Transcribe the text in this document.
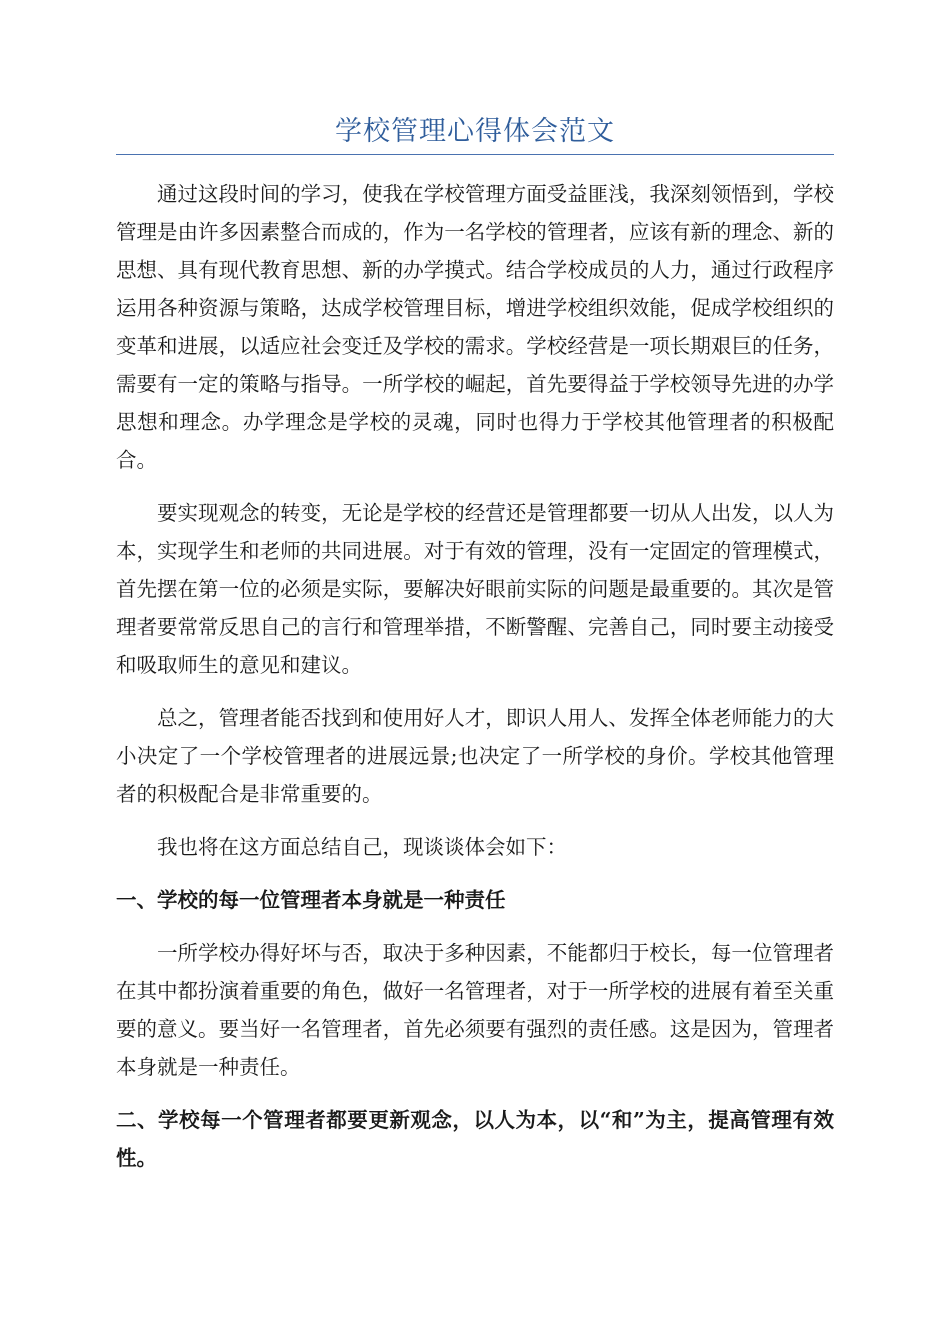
学校管理心得体会范文

通过这段时间的学习，使我在学校管理方面受益匪浅，我深刻领悟到，学校管理是由许多因素整合而成的，作为一名学校的管理者，应该有新的理念、新的思想、具有现代教育思想、新的办学摸式。结合学校成员的人力，通过行政程序运用各种资源与策略，达成学校管理目标，增进学校组织效能，促成学校组织的变革和进展，以适应社会变迁及学校的需求。学校经营是一项长期艰巨的任务，需要有一定的策略与指导。一所学校的崛起，首先要得益于学校领导先进的办学思想和理念。办学理念是学校的灵魂，同时也得力于学校其他管理者的积极配合。

要实现观念的转变，无论是学校的经营还是管理都要一切从人出发，以人为本，实现学生和老师的共同进展。对于有效的管理，没有一定固定的管理模式，首先摆在第一位的必须是实际，要解决好眼前实际的问题是最重要的。其次是管理者要常常反思自己的言行和管理举措，不断警醒、完善自己，同时要主动接受和吸取师生的意见和建议。

总之，管理者能否找到和使用好人才，即识人用人、发挥全体老师能力的大小决定了一个学校管理者的进展远景;也决定了一所学校的身价。学校其他管理者的积极配合是非常重要的。

我也将在这方面总结自己，现谈谈体会如下：

一、学校的每一位管理者本身就是一种责任

一所学校办得好坏与否，取决于多种因素，不能都归于校长，每一位管理者在其中都扮演着重要的角色，做好一名管理者，对于一所学校的进展有着至关重要的意义。要当好一名管理者，首先必须要有强烈的责任感。这是因为，管理者本身就是一种责任。

二、学校每一个管理者都要更新观念，以人为本，以“和”为主，提高管理有效性。
